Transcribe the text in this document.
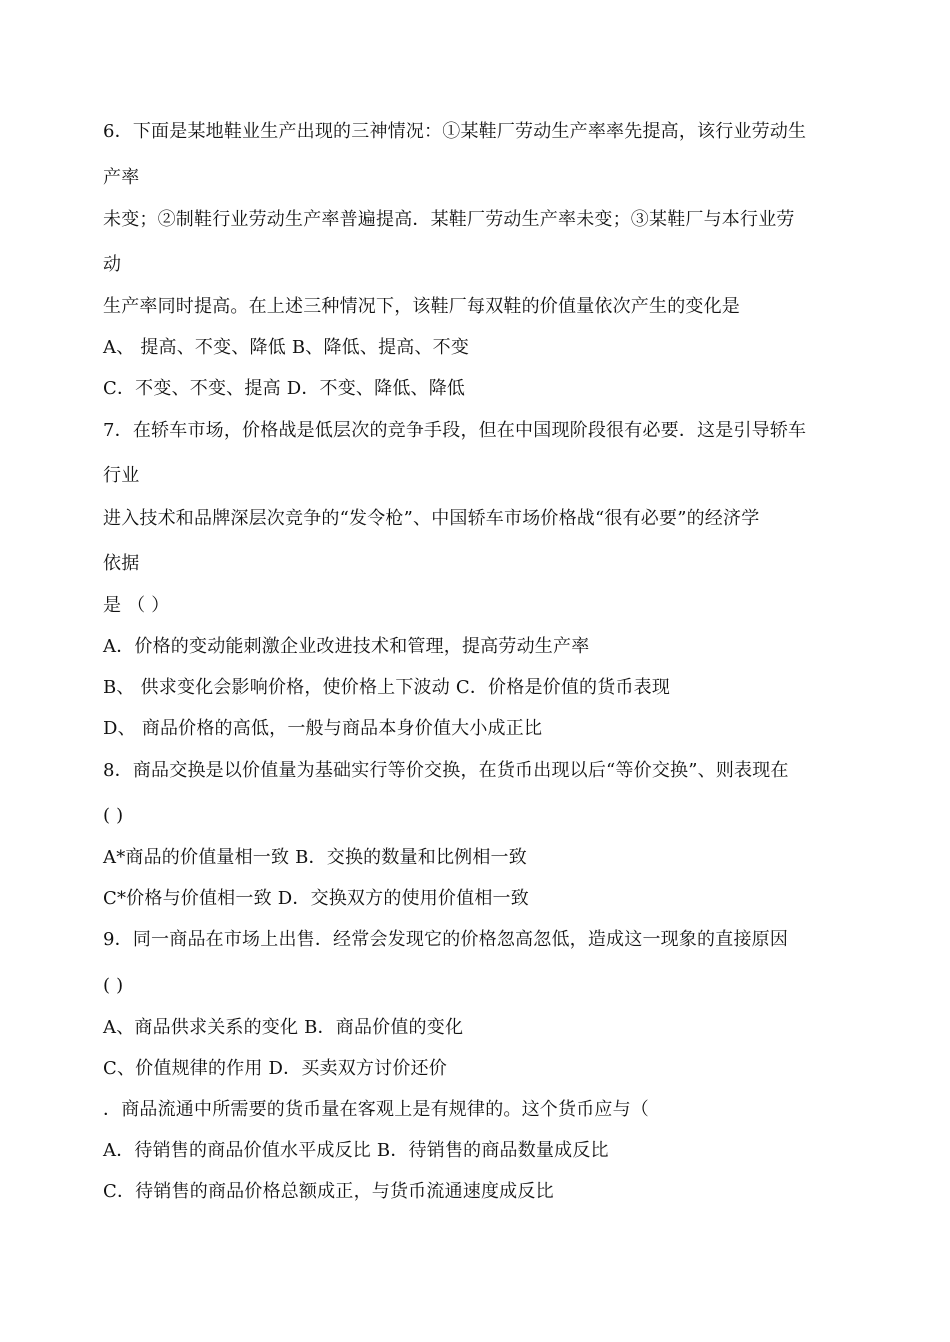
6．下面是某地鞋业生产出现的三神情况：①某鞋厂劳动生产率率先提高，该行业劳动生
产率
未变；②制鞋行业劳动生产率普遍提高．某鞋厂劳动生产率未变；③某鞋厂与本行业劳
动
生产率同时提高。在上述三种情况下，该鞋厂每双鞋的价值量依次产生的变化是
A、 提高、不变、降低 B、降低、提高、不变
C．不变、不变、提高 D．不变、降低、降低
7．在轿车市场，价格战是低层次的竞争手段，但在中国现阶段很有必要．这是引导轿车
行业
进入技术和品牌深层次竞争的“发令枪”、中国轿车市场价格战“很有必要”的经济学
依据
是 （ ）
A．价格的变动能刺激企业改进技术和管理，提高劳动生产率
B、 供求变化会影响价格，使价格上下波动 C．价格是价值的货币表现
D、 商品价格的高低，一般与商品本身价值大小成正比
8．商品交换是以价值量为基础实行等价交换，在货币出现以后“等价交换”、则表现在
( )
A*商品的价值量相一致 B．交换的数量和比例相一致
C*价格与价值相一致 D．交换双方的使用价值相一致
9．同一商品在市场上出售．经常会发现它的价格忽高忽低，造成这一现象的直接原因
( )
A、商品供求关系的变化 B．商品价值的变化
C、价值规律的作用 D．买卖双方讨价还价
．商品流通中所需要的货币量在客观上是有规律的。这个货币应与（
A．待销售的商品价值水平成反比 B．待销售的商品数量成反比
C．待销售的商品价格总额成正，与货币流通速度成反比
